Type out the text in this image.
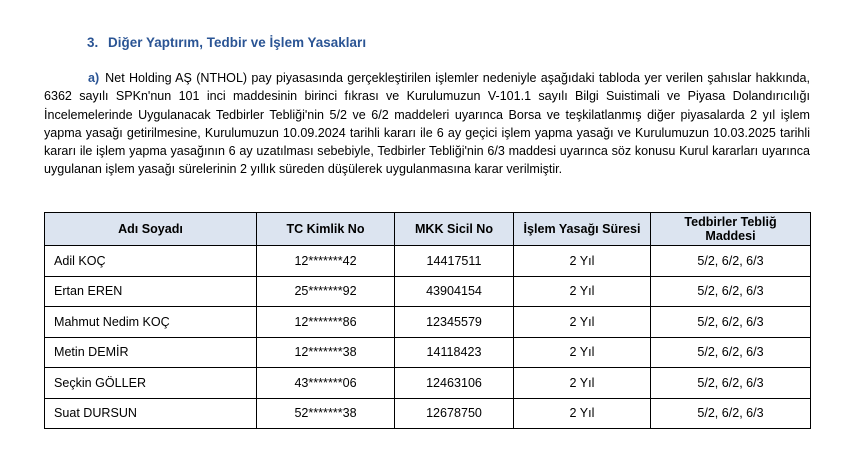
3. Diğer Yaptırım, Tedbir ve İşlem Yasakları

a) Net Holding AŞ (NTHOL) pay piyasasında gerçekleştirilen işlemler nedeniyle aşağıdaki tabloda yer verilen şahıslar hakkında, 6362 sayılı SPKn'nun 101 inci maddesinin birinci fıkrası ve Kurulumuzun V-101.1 sayılı Bilgi Suistimali ve Piyasa Dolandırıcılığı İncelemelerinde Uygulanacak Tedbirler Tebliği'nin 5/2 ve 6/2 maddeleri uyarınca Borsa ve teşkilatlanmış diğer piyasalarda 2 yıl işlem yapma yasağı getirilmesine, Kurulumuzun 10.09.2024 tarihli kararı ile 6 ay geçici işlem yapma yasağı ve Kurulumuzun 10.03.2025 tarihli kararı ile işlem yapma yasağının 6 ay uzatılması sebebiyle, Tedbirler Tebliği'nin 6/3 maddesi uyarınca söz konusu Kurul kararları uyarınca uygulanan işlem yasağı sürelerinin 2 yıllık süreden düşülerek uygulanmasına karar verilmiştir.

Adı Soyadı	TC Kimlik No	MKK Sicil No	İşlem Yasağı Süresi	Tedbirler Tebliğ Maddesi
Adil KOÇ	12*******42	14417511	2 Yıl	5/2, 6/2, 6/3
Ertan EREN	25*******92	43904154	2 Yıl	5/2, 6/2, 6/3
Mahmut Nedim KOÇ	12*******86	12345579	2 Yıl	5/2, 6/2, 6/3
Metin DEMİR	12*******38	14118423	2 Yıl	5/2, 6/2, 6/3
Seçkin GÖLLER	43*******06	12463106	2 Yıl	5/2, 6/2, 6/3
Suat DURSUN	52*******38	12678750	2 Yıl	5/2, 6/2, 6/3
